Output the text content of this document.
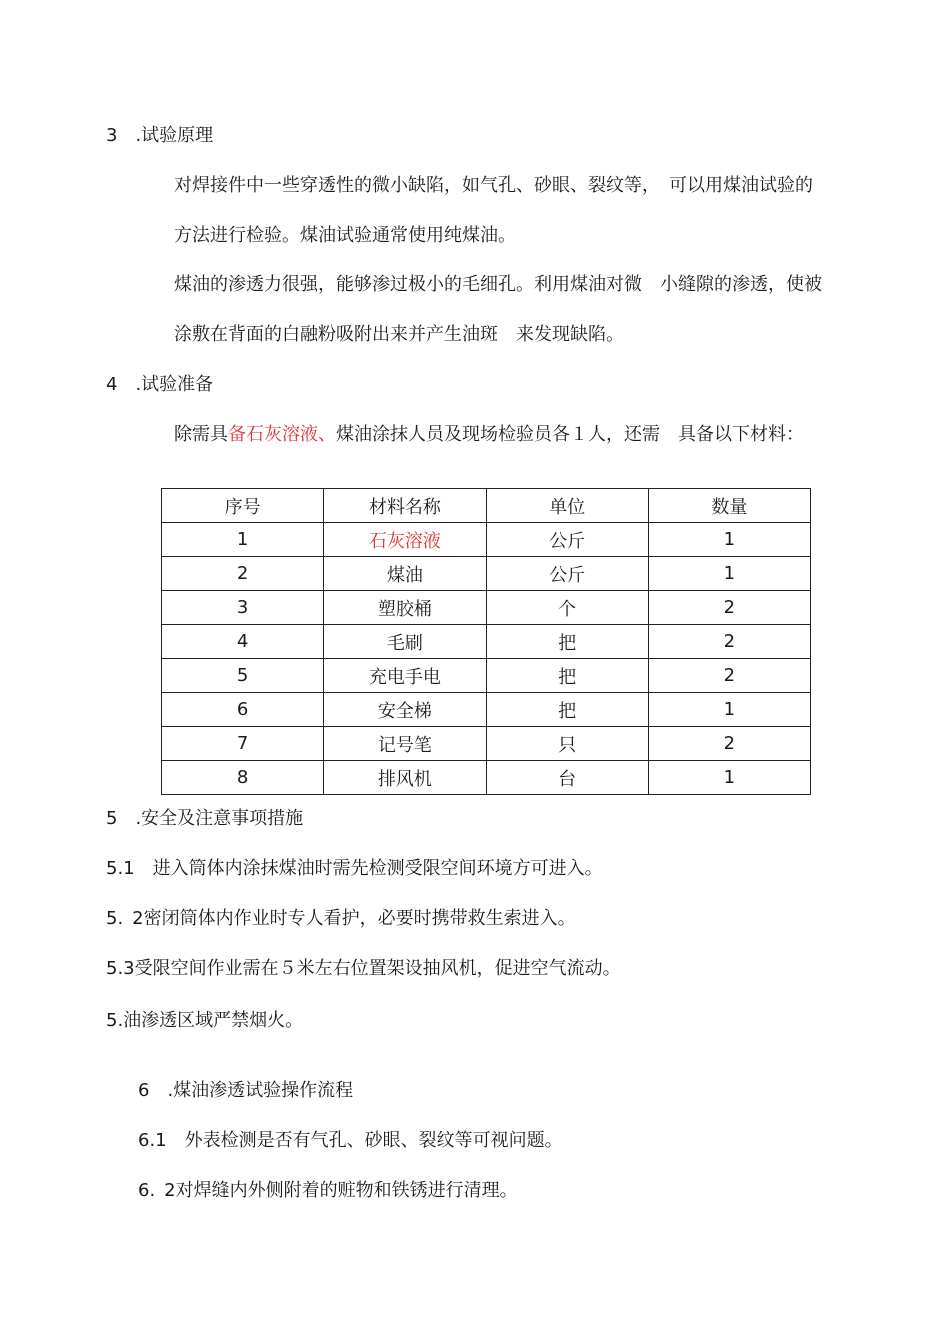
3 .试验原理
对焊接件中一些穿透性的微小缺陷，如气孔、砂眼、裂纹等，　可以用煤油试验的
方法进行检验。煤油试验通常使用纯煤油。
煤油的渗透力很强，能够渗过极小的毛细孔。利用煤油对微　小缝隙的渗透，使被
涂敷在背面的白融粉吸附出来并产生油斑　来发现缺陷。
4 .试验准备
除需具备石灰溶液、煤油涂抹人员及现场检验员各１人，还需　具备以下材料：
序号	材料名称	单位	数量
1	石灰溶液	公斤	1
2	煤油	公斤	1
3	塑胶桶	个	2
4	毛刷	把	2
5	充电手电	把	2
6	安全梯	把	1
7	记号笔	只	2
8	排风机	台	1
5 .安全及注意事项措施
5.1 进入筒体内涂抹煤油时需先检测受限空间环境方可进入。
5. 2密闭筒体内作业时专人看护，必要时携带救生索进入。
5.3受限空间作业需在５米左右位置架设抽风机，促进空气流动。
5.油渗透区域严禁烟火。
6 .煤油渗透试验操作流程
6.1 外表检测是否有气孔、砂眼、裂纹等可视问题。
6. 2对焊缝内外侧附着的赃物和铁锈进行清理。
